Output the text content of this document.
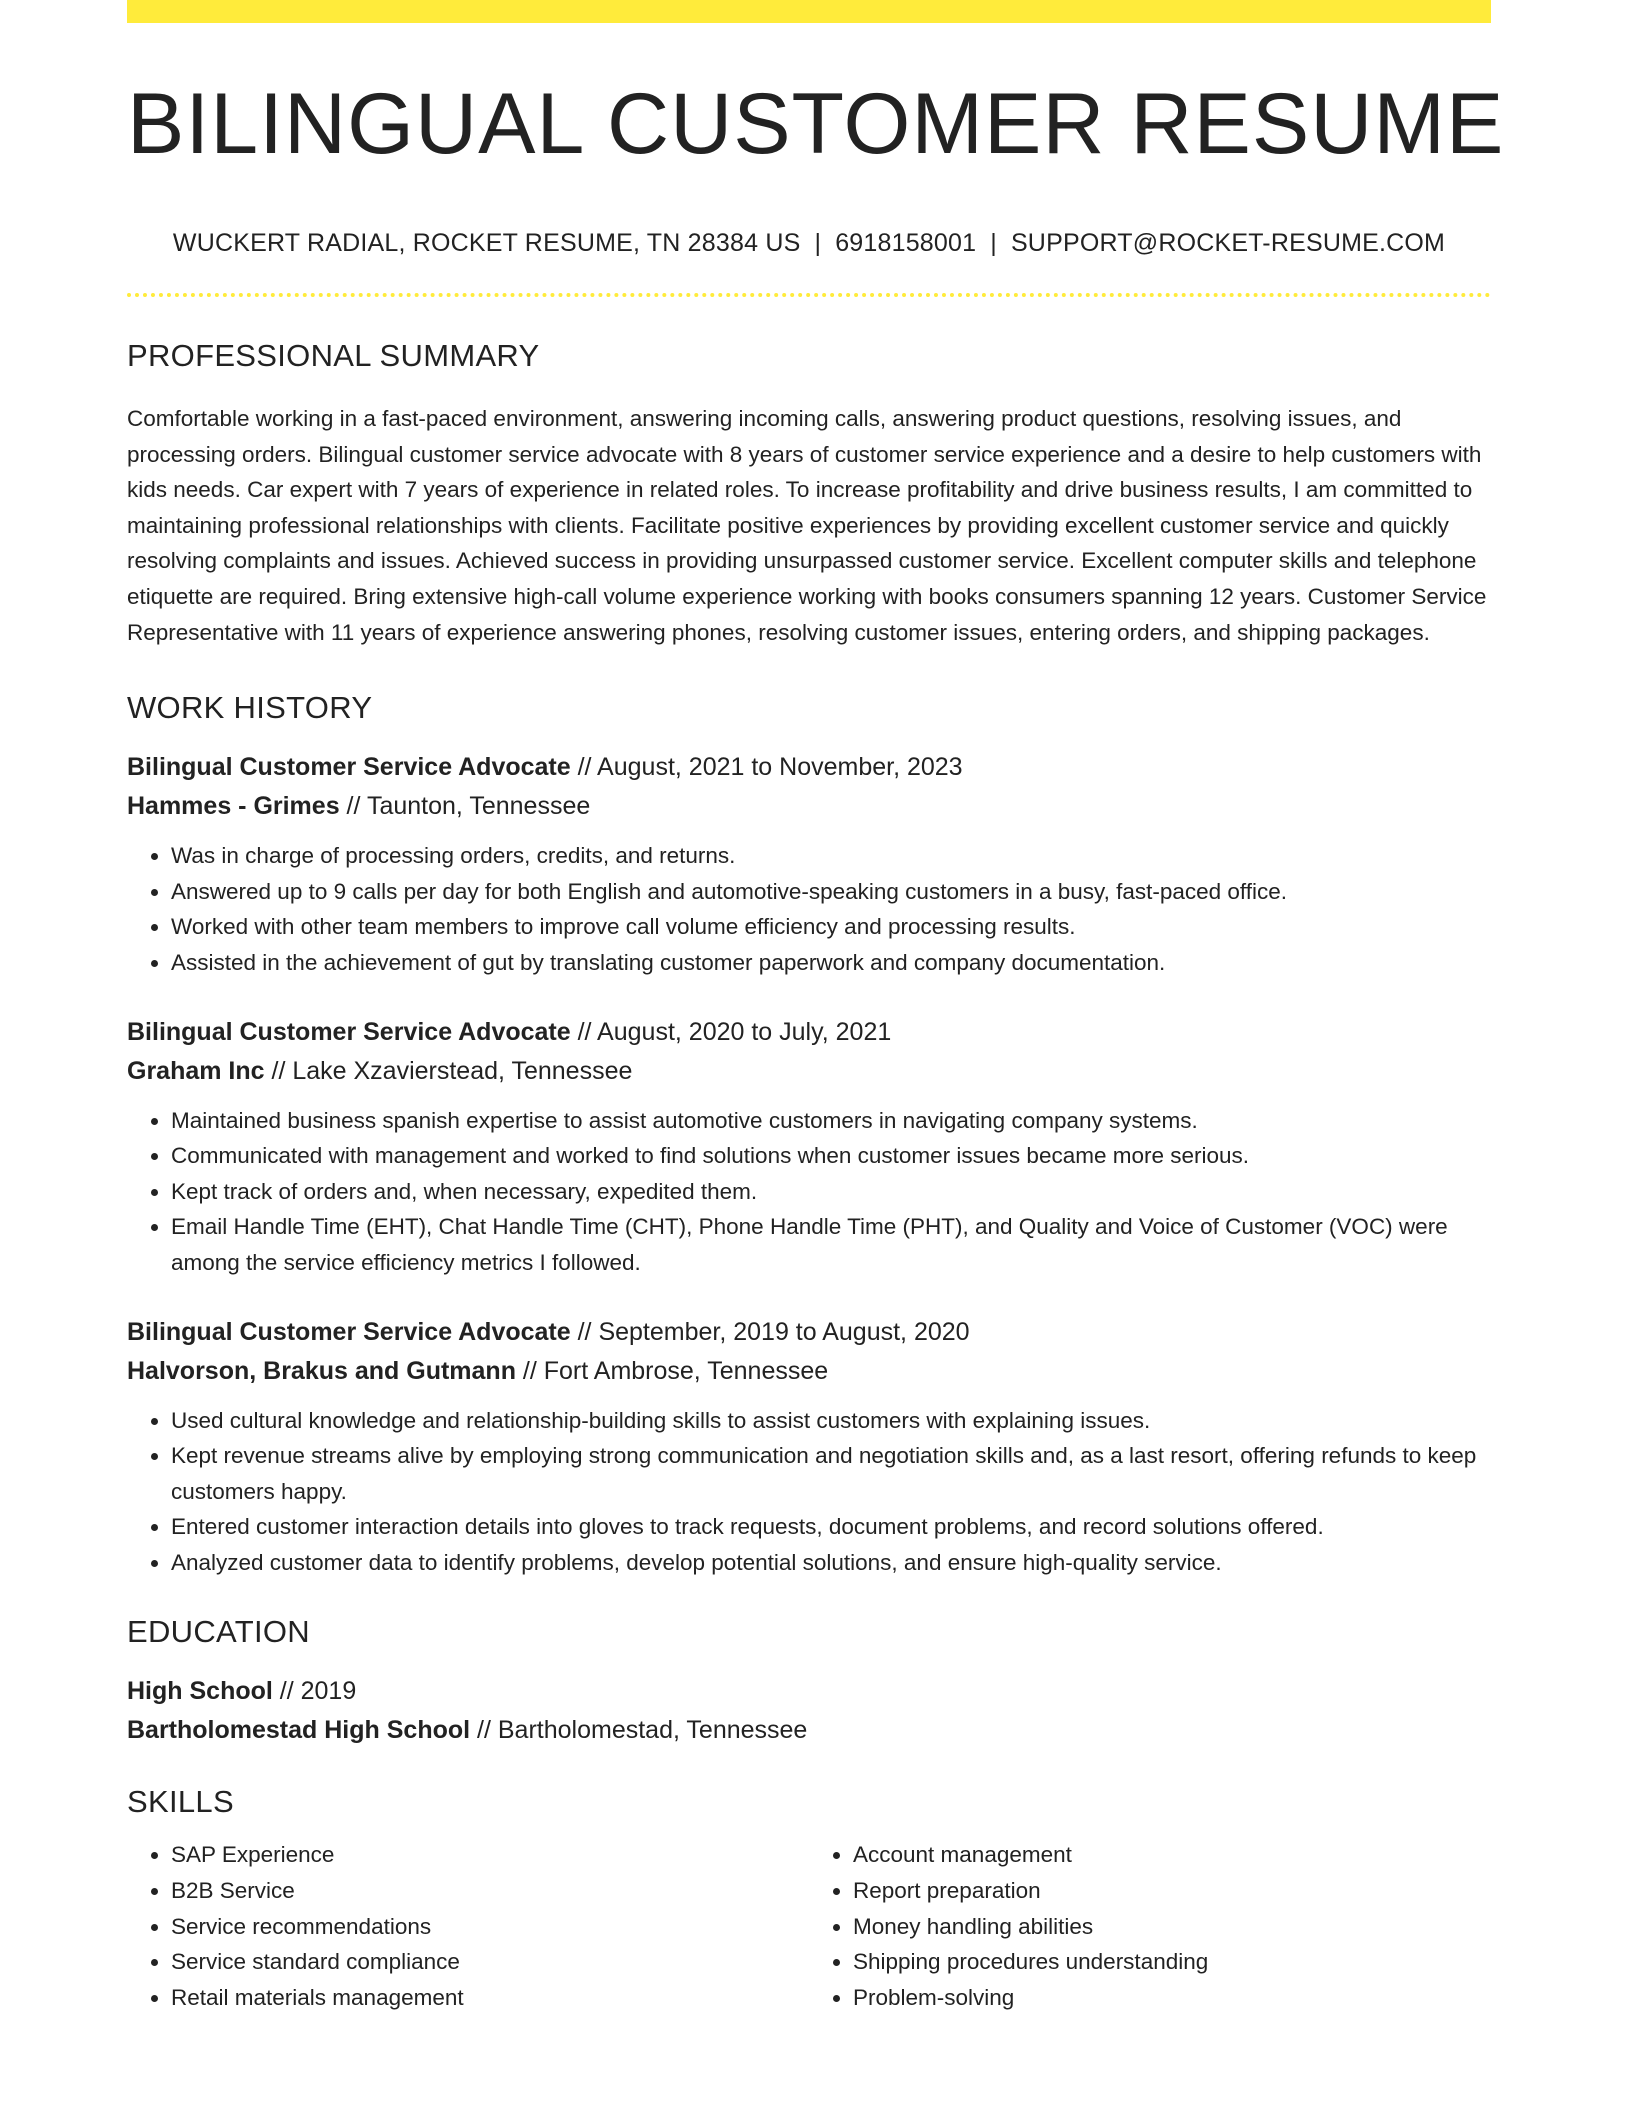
BILINGUAL CUSTOMER RESUME
WUCKERT RADIAL, ROCKET RESUME, TN 28384 US | 6918158001 | SUPPORT@ROCKET-RESUME.COM
PROFESSIONAL SUMMARY
Comfortable working in a fast-paced environment, answering incoming calls, answering product questions, resolving issues, and processing orders. Bilingual customer service advocate with 8 years of customer service experience and a desire to help customers with kids needs. Car expert with 7 years of experience in related roles. To increase profitability and drive business results, I am committed to maintaining professional relationships with clients. Facilitate positive experiences by providing excellent customer service and quickly resolving complaints and issues. Achieved success in providing unsurpassed customer service. Excellent computer skills and telephone etiquette are required. Bring extensive high-call volume experience working with books consumers spanning 12 years. Customer Service Representative with 11 years of experience answering phones, resolving customer issues, entering orders, and shipping packages.
WORK HISTORY
Bilingual Customer Service Advocate // August, 2021 to November, 2023
Hammes - Grimes // Taunton, Tennessee
• Was in charge of processing orders, credits, and returns.
• Answered up to 9 calls per day for both English and automotive-speaking customers in a busy, fast-paced office.
• Worked with other team members to improve call volume efficiency and processing results.
• Assisted in the achievement of gut by translating customer paperwork and company documentation.
Bilingual Customer Service Advocate // August, 2020 to July, 2021
Graham Inc // Lake Xzavierstead, Tennessee
• Maintained business spanish expertise to assist automotive customers in navigating company systems.
• Communicated with management and worked to find solutions when customer issues became more serious.
• Kept track of orders and, when necessary, expedited them.
• Email Handle Time (EHT), Chat Handle Time (CHT), Phone Handle Time (PHT), and Quality and Voice of Customer (VOC) were among the service efficiency metrics I followed.
Bilingual Customer Service Advocate // September, 2019 to August, 2020
Halvorson, Brakus and Gutmann // Fort Ambrose, Tennessee
• Used cultural knowledge and relationship-building skills to assist customers with explaining issues.
• Kept revenue streams alive by employing strong communication and negotiation skills and, as a last resort, offering refunds to keep customers happy.
• Entered customer interaction details into gloves to track requests, document problems, and record solutions offered.
• Analyzed customer data to identify problems, develop potential solutions, and ensure high-quality service.
EDUCATION
High School // 2019
Bartholomestad High School // Bartholomestad, Tennessee
SKILLS
• SAP Experience
• B2B Service
• Service recommendations
• Service standard compliance
• Retail materials management
• Account management
• Report preparation
• Money handling abilities
• Shipping procedures understanding
• Problem-solving
